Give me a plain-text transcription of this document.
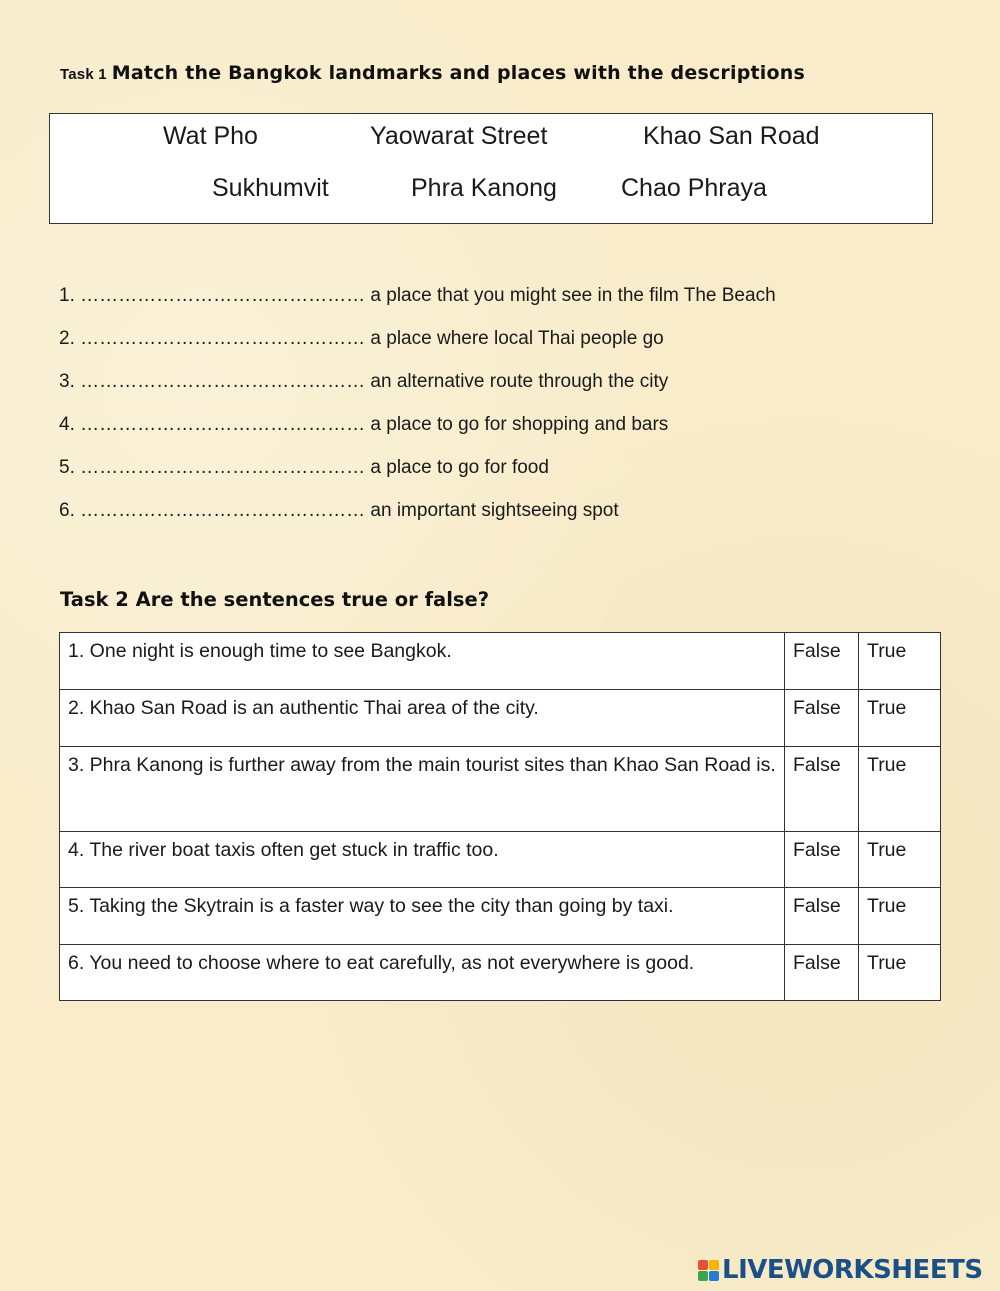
Task 1 Match the Bangkok landmarks and places with the descriptions
Wat Pho	Yaowarat Street	Khao San Road
Sukhumvit	Phra Kanong	Chao Phraya
1. ……………………………………… a place that you might see in the film The Beach
2. ……………………………………… a place where local Thai people go
3. ……………………………………… an alternative route through the city
4. ……………………………………… a place to go for shopping and bars
5. ……………………………………… a place to go for food
6. ……………………………………… an important sightseeing spot
Task 2 Are the sentences true or false?
1. One night is enough time to see Bangkok.	False	True
2. Khao San Road is an authentic Thai area of the city.	False	True
3. Phra Kanong is further away from the main tourist sites than Khao San Road is.	False	True
4. The river boat taxis often get stuck in traffic too.	False	True
5. Taking the Skytrain is a faster way to see the city than going by taxi.	False	True
6. You need to choose where to eat carefully, as not everywhere is good.	False	True
LIVEWORKSHEETS
